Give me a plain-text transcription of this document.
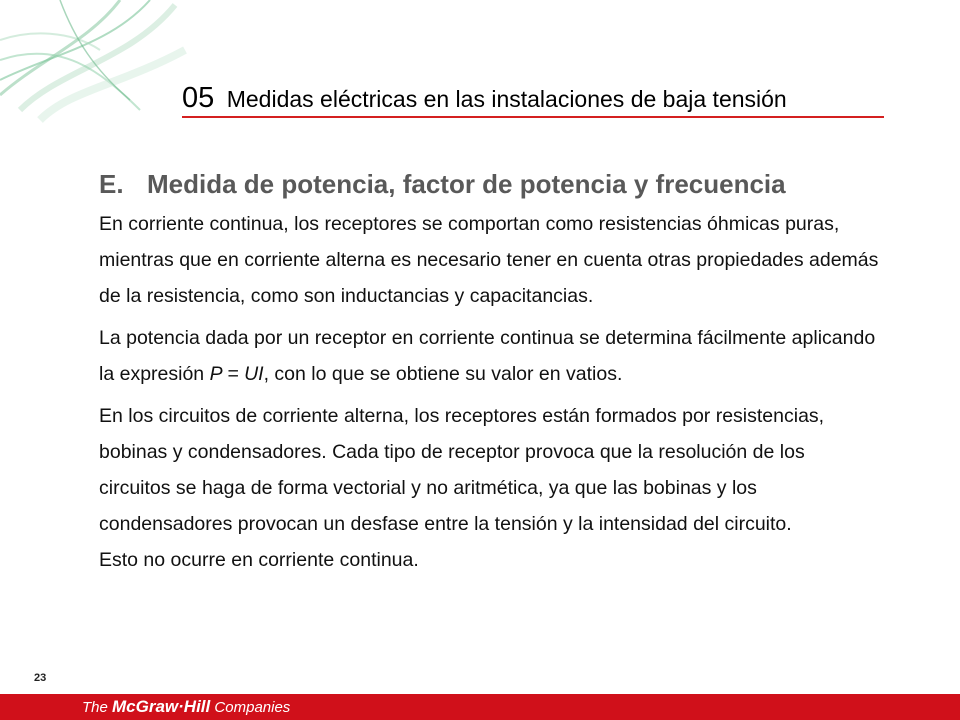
05 Medidas eléctricas en las instalaciones de baja tensión
E. Medida de potencia, factor de potencia y frecuencia

En corriente continua, los receptores se comportan como resistencias óhmicas puras, mientras que en corriente alterna es necesario tener en cuenta otras propiedades además de la resistencia, como son inductancias y capacitancias.

La potencia dada por un receptor en corriente continua se determina fácilmente aplicando la expresión P = UI, con lo que se obtiene su valor en vatios.

En los circuitos de corriente alterna, los receptores están formados por resistencias, bobinas y condensadores. Cada tipo de receptor provoca que la resolución de los circuitos se haga de forma vectorial y no aritmética, ya que las bobinas y los condensadores provocan un desfase entre la tensión y la intensidad del circuito.

Esto no ocurre en corriente continua.

23
The McGraw·Hill Companies
